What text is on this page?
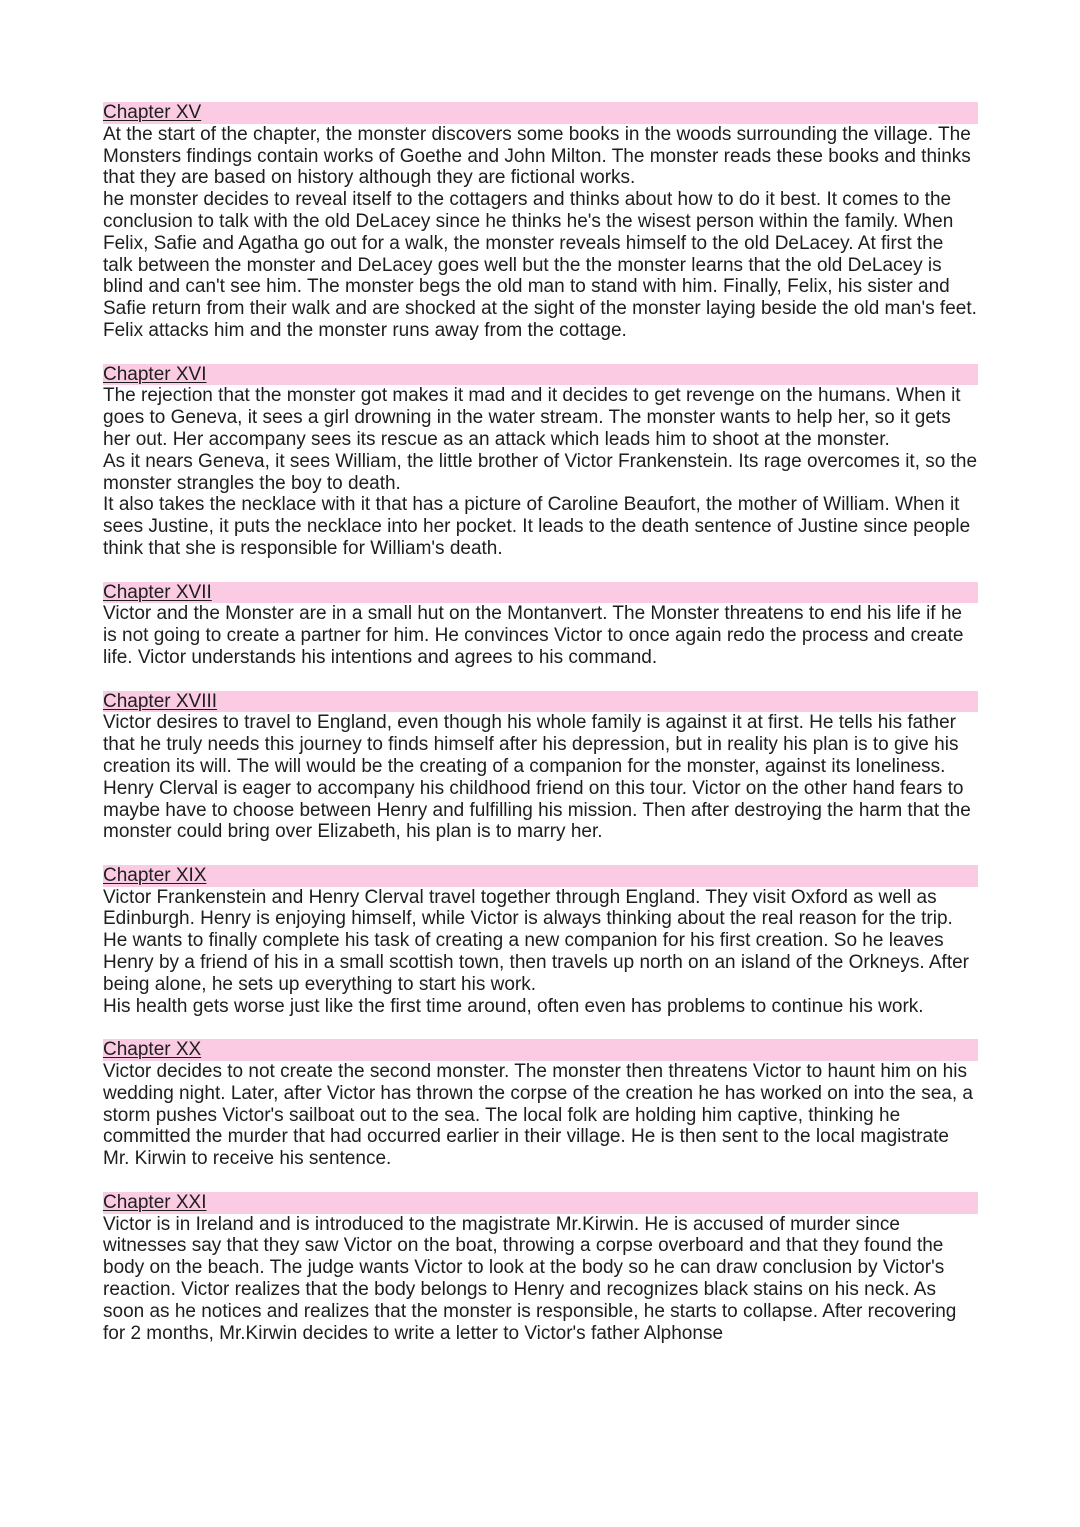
Chapter XV

At the start of the chapter, the monster discovers some books in the woods surrounding the village. The Monsters findings contain works of Goethe and John Milton. The monster reads these books and thinks that they are based on history although they are fictional works.

he monster decides to reveal itself to the cottagers and thinks about how to do it best. It comes to the conclusion to talk with the old DeLacey since he thinks he's the wisest person within the family. When Felix, Safie and Agatha go out for a walk, the monster reveals himself to the old DeLacey. At first the talk between the monster and DeLacey goes well but the the monster learns that the old DeLacey is blind and can't see him. The monster begs the old man to stand with him. Finally, Felix, his sister and Safie return from their walk and are shocked at the sight of the monster laying beside the old man's feet. Felix attacks him and the monster runs away from the cottage.

Chapter XVI

The rejection that the monster got makes it mad and it decides to get revenge on the humans. When it goes to Geneva, it sees a girl drowning in the water stream. The monster wants to help her, so it gets her out. Her accompany sees its rescue as an attack which leads him to shoot at the monster.

As it nears Geneva, it sees William, the little brother of Victor Frankenstein. Its rage overcomes it, so the monster strangles the boy to death.

It also takes the necklace with it that has a picture of Caroline Beaufort, the mother of William. When it sees Justine, it puts the necklace into her pocket. It leads to the death sentence of Justine since people think that she is responsible for William's death.

Chapter XVII

Victor and the Monster are in a small hut on the Montanvert. The Monster threatens to end his life if he is not going to create a partner for him. He convinces Victor to once again redo the process and create life. Victor understands his intentions and agrees to his command.

Chapter XVIII

Victor desires to travel to England, even though his whole family is against it at first. He tells his father that he truly needs this journey to finds himself after his depression, but in reality his plan is to give his creation its will. The will would be the creating of a companion for the monster, against its loneliness. Henry Clerval is eager to accompany his childhood friend on this tour. Victor on the other hand fears to maybe have to choose between Henry and fulfilling his mission. Then after destroying the harm that the monster could bring over Elizabeth, his plan is to marry her.

Chapter XIX

Victor Frankenstein and Henry Clerval travel together through England. They visit Oxford as well as Edinburgh. Henry is enjoying himself, while Victor is always thinking about the real reason for the trip. He wants to finally complete his task of creating a new companion for his first creation. So he leaves Henry by a friend of his in a small scottish town, then travels up north on an island of the Orkneys. After being alone, he sets up everything to start his work.

His health gets worse just like the first time around, often even has problems to continue his work.

Chapter XX

Victor decides to not create the second monster. The monster then threatens Victor to haunt him on his wedding night. Later, after Victor has thrown the corpse of the creation he has worked on into the sea, a storm pushes Victor's sailboat out to the sea. The local folk are holding him captive, thinking he committed the murder that had occurred earlier in their village. He is then sent to the local magistrate Mr. Kirwin to receive his sentence.

Chapter XXI

Victor is in Ireland and is introduced to the magistrate Mr.Kirwin. He is accused of murder since witnesses say that they saw Victor on the boat, throwing a corpse overboard and that they found the body on the beach. The judge wants Victor to look at the body so he can draw conclusion by Victor's reaction. Victor realizes that the body belongs to Henry and recognizes black stains on his neck. As soon as he notices and realizes that the monster is responsible, he starts to collapse. After recovering for 2 months, Mr.Kirwin decides to write a letter to Victor's father Alphonse
